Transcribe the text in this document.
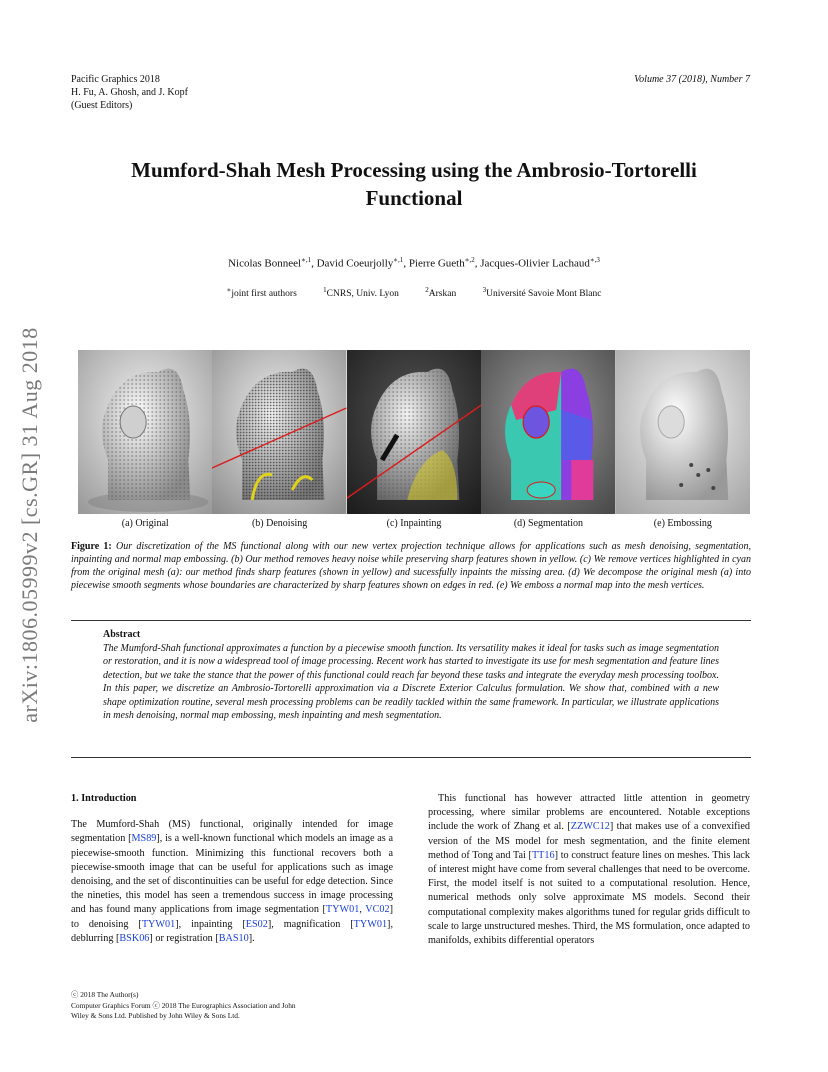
Pacific Graphics 2018
H. Fu, A. Ghosh, and J. Kopf
(Guest Editors)
Volume 37 (2018), Number 7
Mumford-Shah Mesh Processing using the Ambrosio-Tortorelli
Functional
Nicolas Bonneel$^{∗,1}$, David Coeurjolly$^{∗,1}$, Pierre Gueth$^{∗,2}$, Jacques-Olivier Lachaud$^{∗,3}$
∗joint first authors	$^1$CNRS, Univ. Lyon	$^2$Arskan	$^3$Université Savoie Mont Blanc
arXiv:1806.05999v2 [cs.GR] 31 Aug 2018	(a) Original	(b) Denoising	(c) Inpainting	(d) Segmentation	(e) Embossing
Figure 1: Our discretization of the MS functional along with our new vertex projection technique allows for applications such as mesh denoising, segmentation, inpainting and normal map embossing. (b) Our method removes heavy noise while preserving sharp features shown in yellow. (c) We remove vertices highlighted in cyan from the original mesh (a): our method finds sharp features (shown in yellow) and sucessfully inpaints the missing area. (d) We decompose the original mesh (a) into piecewise smooth segments whose boundaries are characterized by sharp features shown on edges in red. (e) We emboss a normal map into the mesh vertices.
Abstract
The Mumford-Shah functional approximates a function by a piecewise smooth function. Its versatility makes it ideal for tasks such as image segmentation or restoration, and it is now a widespread tool of image processing. Recent work has started to investigate its use for mesh segmentation and feature lines detection, but we take the stance that the power of this functional could reach far beyond these tasks and integrate the everyday mesh processing toolbox. In this paper, we discretize an Ambrosio-Tortorelli approximation via a Discrete Exterior Calculus formulation. We show that, combined with a new shape optimization routine, several mesh processing problems can be readily tackled within the same framework. In particular, we illustrate applications in mesh denoising, normal map embossing, mesh inpainting and mesh segmentation.
1. Introduction
The Mumford-Shah (MS) functional, originally intended for image segmentation [MS89], is a well-known functional which models an image as a piecewise-smooth function. Minimizing this functional recovers both a piecewise-smooth image that can be useful for applications such as image denoising, and the set of discontinuities can be useful for edge detection. Since the nineties, this model has seen a tremendous success in image processing and has found many applications from image segmentation [TYW01, VC02] to denoising [TYW01], inpainting [ES02], magnification [TYW01], deblurring [BSK06] or registration [BAS10].
This functional has however attracted little attention in geometry processing, where similar problems are encountered. Notable exceptions include the work of Zhang et al. [ZZWC12] that makes use of a convexified version of the MS model for mesh segmentation, and the finite element method of Tong and Tai [TT16] to construct feature lines on meshes. This lack of interest might have come from several challenges that need to be overcome. First, the model itself is not suited to a computational resolution. Hence, numerical methods only solve approximate MS models. Second their computational complexity makes algorithms tuned for regular grids difficult to scale to large unstructured meshes. Third, the MS formulation, once adapted to manifolds, exhibits differential operators
ⓒ 2018 The Author(s)
Computer Graphics Forum ⓒ 2018 The Eurographics Association and John
Wiley & Sons Ltd. Published by John Wiley & Sons Ltd.
